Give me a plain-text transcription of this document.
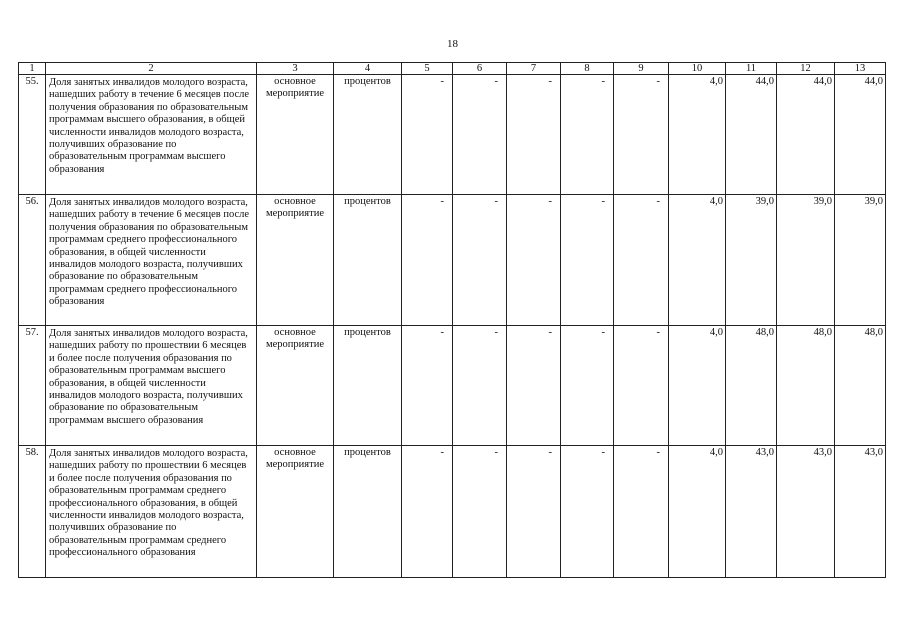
18
1	2	3	4	5	6	7	8	9	10	11	12	13
55.	Доля занятых инвалидов молодого возраста, нашедших работу в течение 6 месяцев после получения образования по образовательным программам высшего образования, в общей численности инвалидов молодого возраста, получивших образование по образовательным программам высшего образования	основное мероприятие	процентов	-	-	-	-	-	4,0	44,0	44,0	44,0
56.	Доля занятых инвалидов молодого возраста, нашедших работу в течение 6 месяцев после получения образования по образовательным программам среднего профессионального образования, в общей численности инвалидов молодого возраста, получивших образование по образовательным программам среднего профессионального образования	основное мероприятие	процентов	-	-	-	-	-	4,0	39,0	39,0	39,0
57.	Доля занятых инвалидов молодого возраста, нашедших работу по прошествии 6 месяцев и более после получения образования по образовательным программам высшего образования, в общей численности инвалидов молодого возраста, получивших образование по образовательным программам высшего образования	основное мероприятие	процентов	-	-	-	-	-	4,0	48,0	48,0	48,0
58.	Доля занятых инвалидов молодого возраста, нашедших работу по прошествии 6 месяцев и более после получения образования по образовательным программам среднего профессионального образования, в общей численности инвалидов молодого возраста, получивших образование по образовательным программам среднего профессионального образования	основное мероприятие	процентов	-	-	-	-	-	4,0	43,0	43,0	43,0
